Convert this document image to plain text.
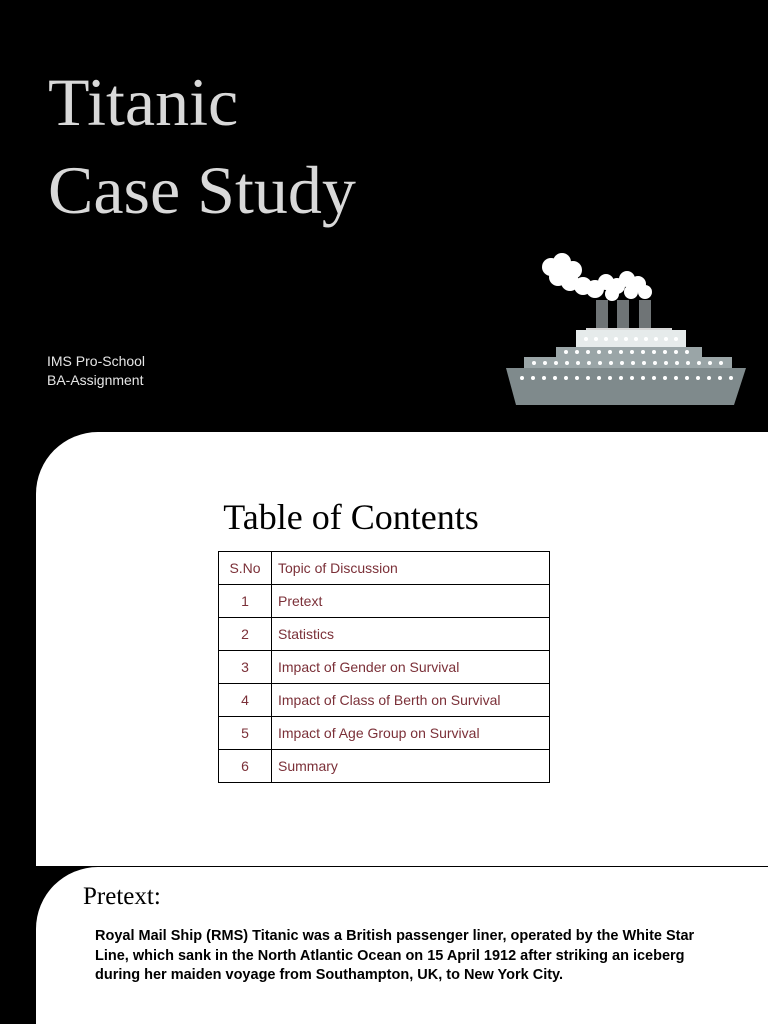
Titanic
Case Study
IMS Pro-School
BA-Assignment
Table of Contents
S.No	Topic of Discussion
1	Pretext
2	Statistics
3	Impact of Gender on Survival
4	Impact of Class of Berth on Survival
5	Impact of Age Group on Survival
6	Summary
Pretext:

Royal Mail Ship (RMS) Titanic was a British passenger liner, operated by the White Star Line, which sank in the North Atlantic Ocean on 15 April 1912 after striking an iceberg during her maiden voyage from Southampton, UK, to New York City.
